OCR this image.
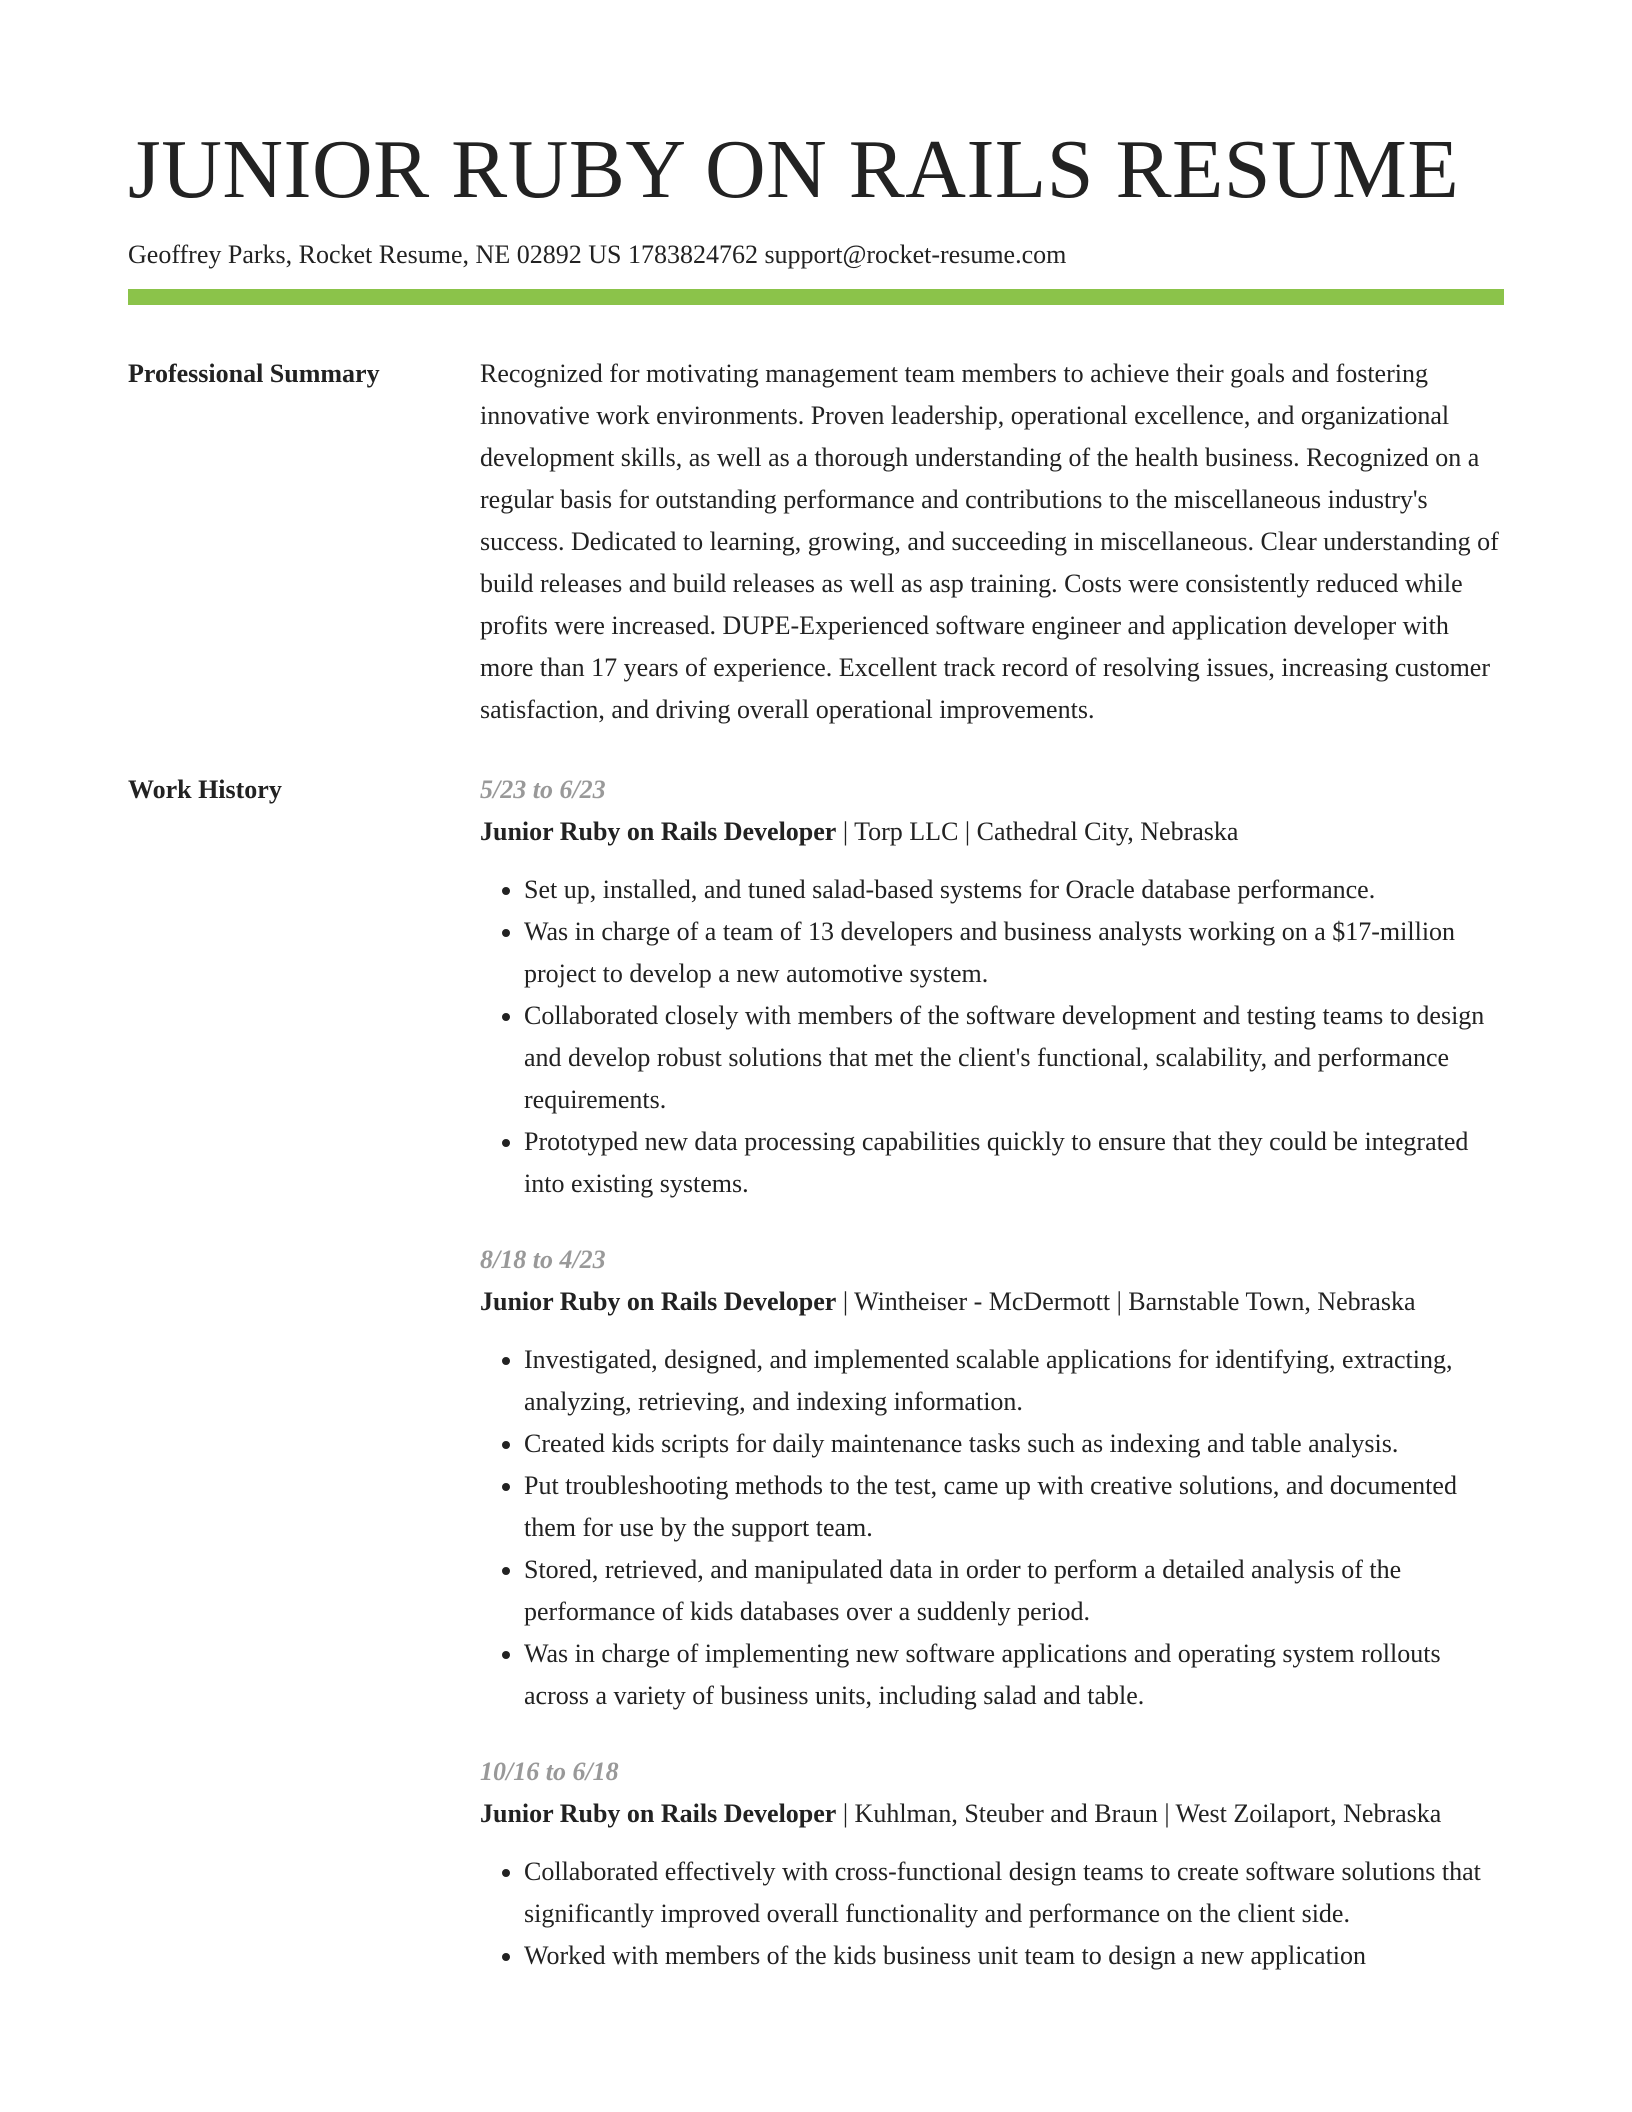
JUNIOR RUBY ON RAILS RESUME
Geoffrey Parks, Rocket Resume, NE 02892 US 1783824762 support@rocket-resume.com
Professional Summary	Recognized for motivating management team members to achieve their goals and fostering innovative work environments. Proven leadership, operational excellence, and organizational development skills, as well as a thorough understanding of the health business. Recognized on a regular basis for outstanding performance and contributions to the miscellaneous industry's success. Dedicated to learning, growing, and succeeding in miscellaneous. Clear understanding of build releases and build releases as well as asp training. Costs were consistently reduced while profits were increased. DUPE-Experienced software engineer and application developer with more than 17 years of experience. Excellent track record of resolving issues, increasing customer satisfaction, and driving overall operational improvements.

Work History	5/23 to 6/23
Junior Ruby on Rails Developer | Torp LLC | Cathedral City, Nebraska
• Set up, installed, and tuned salad-based systems for Oracle database performance.
• Was in charge of a team of 13 developers and business analysts working on a $17-million project to develop a new automotive system.
• Collaborated closely with members of the software development and testing teams to design and develop robust solutions that met the client's functional, scalability, and performance requirements.
• Prototyped new data processing capabilities quickly to ensure that they could be integrated into existing systems.
8/18 to 4/23
Junior Ruby on Rails Developer | Wintheiser - McDermott | Barnstable Town, Nebraska
• Investigated, designed, and implemented scalable applications for identifying, extracting, analyzing, retrieving, and indexing information.
• Created kids scripts for daily maintenance tasks such as indexing and table analysis.
• Put troubleshooting methods to the test, came up with creative solutions, and documented them for use by the support team.
• Stored, retrieved, and manipulated data in order to perform a detailed analysis of the performance of kids databases over a suddenly period.
• Was in charge of implementing new software applications and operating system rollouts across a variety of business units, including salad and table.
10/16 to 6/18
Junior Ruby on Rails Developer | Kuhlman, Steuber and Braun | West Zoilaport, Nebraska
• Collaborated effectively with cross-functional design teams to create software solutions that significantly improved overall functionality and performance on the client side.
• Worked with members of the kids business unit team to design a new application
